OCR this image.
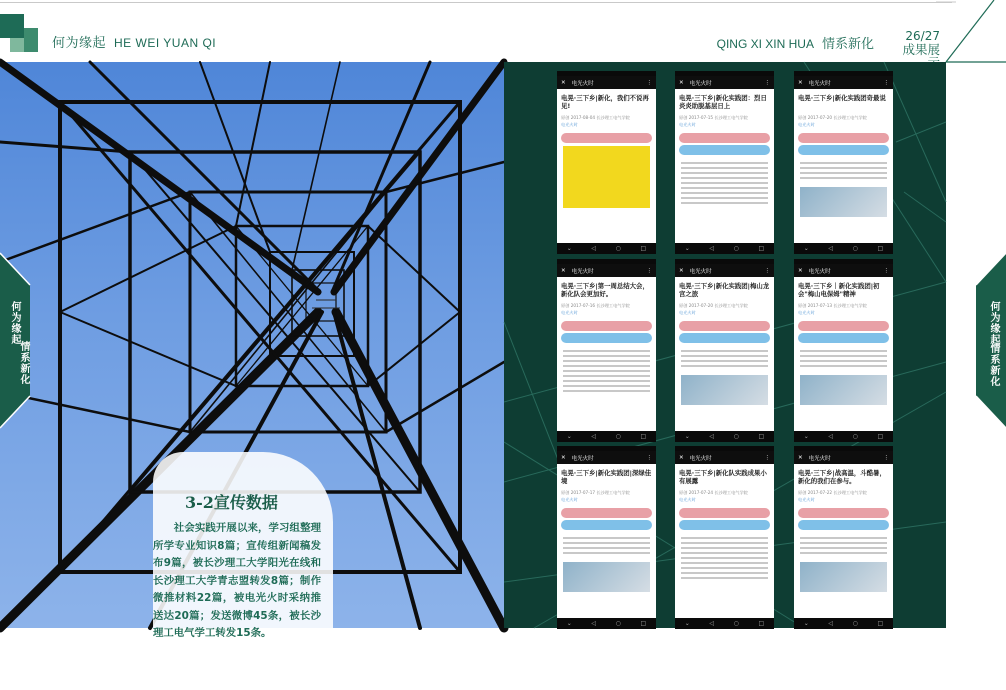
何为缘起 HE WEI YUAN QI	QING XI XIN HUA 情系新化
26/27
成果展
3-2宣传数据
社会实践开展以来，学习组整理所学专业知识8篇；宣传组新闻稿发布9篇，被长沙理工大学阳光在线和长沙理工大学青志盟转发8篇；制作微推材料22篇，被电光火时采纳推送达20篇；发送微博45条，被长沙理工电气学工转发15条。
何为缘起
情系新化
✕ 电光火时	⋮
电晃·三下乡|新化，我们不说再见!
原创 2017-08-04 长沙理工电气学院
电光火时
⌄	◁	○	□
✕ 电光火时	⋮
电晃·三下乡|新化实践团：烈日炎炎助脱基层日上
原创 2017-07-15 长沙理工电气学院
电光火时
⌄	◁	○	□
✕ 电光火时	⋮
电晃·三下乡|新化实践团奇最说
原创 2017-07-20 长沙理工电气学院
电光火时
⌄	◁	○	□
✕ 电光火时	⋮
电晃·三下乡|第一周总结大会，新化队会更加好。
原创 2017-07-16 长沙理工电气学院
电光火时
⌄	◁	○	□
✕ 电光火时	⋮
电晃·三下乡|新化实践团|梅山龙宫之旅
原创 2017-07-20 长沙理工电气学院
电光火时
⌄	◁	○	□
✕ 电光火时	⋮
电晃·三下乡｜新化实践团|初会"梅山电保姆"精神
原创 2017-07-13 长沙理工电气学院
电光火时
⌄	◁	○	□
✕ 电光火时	⋮
电晃·三下乡|新化实践团|深绿佳境
原创 2017-07-17 长沙理工电气学院
电光火时
⌄	◁	○	□
✕ 电光火时	⋮
电晃·三下乡|新化队实践成果小有展露
原创 2017-07-24 长沙理工电气学院
电光火时
⌄	◁	○	□
✕ 电光火时	⋮
电晃·三下乡|战高温，斗酷暑，新化的我们在参与。
原创 2017-07-22 长沙理工电气学院
电光火时
⌄	◁	○	□
何为缘起
情系新化
